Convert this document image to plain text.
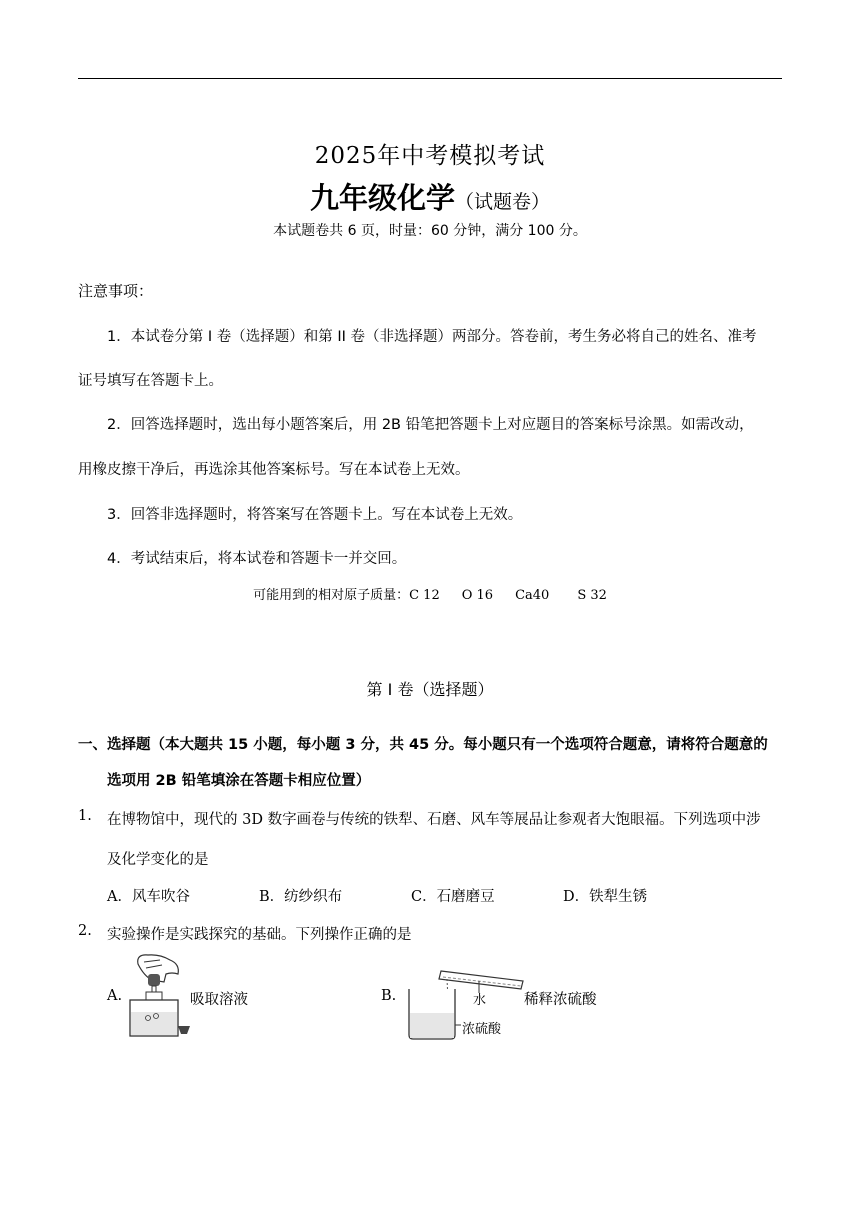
2025年中考模拟考试
九年级化学（试题卷）
本试题卷共 6 页，时量：60 分钟，满分 100 分。
注意事项：
1．本试卷分第 I 卷（选择题）和第 II 卷（非选择题）两部分。答卷前，考生务必将自己的姓名、准考
证号填写在答题卡上。
2．回答选择题时，选出每小题答案后，用 2B 铅笔把答题卡上对应题目的答案标号涂黑。如需改动，
用橡皮擦干净后，再选涂其他答案标号。写在本试卷上无效。
3．回答非选择题时，将答案写在答题卡上。写在本试卷上无效。
4．考试结束后，将本试卷和答题卡一并交回。
可能用到的相对原子质量：C 12 O 16 Ca40 S 32
第 I 卷（选择题）
一、选择题（本大题共 15 小题，每小题 3 分，共 45 分。每小题只有一个选项符合题意，请将符合题意的
选项用 2B 铅笔填涂在答题卡相应位置）
1. 在博物馆中，现代的 3D 数字画卷与传统的铁犁、石磨、风车等展品让参观者大饱眼福。下列选项中涉
及化学变化的是
A．风车吹谷	B．纺纱织布	C．石磨磨豆	D．铁犁生锈
2. 实验操作是实践探究的基础。下列操作正确的是
A.	吸取溶液	B.	水
浓硫酸
稀释浓硫酸
